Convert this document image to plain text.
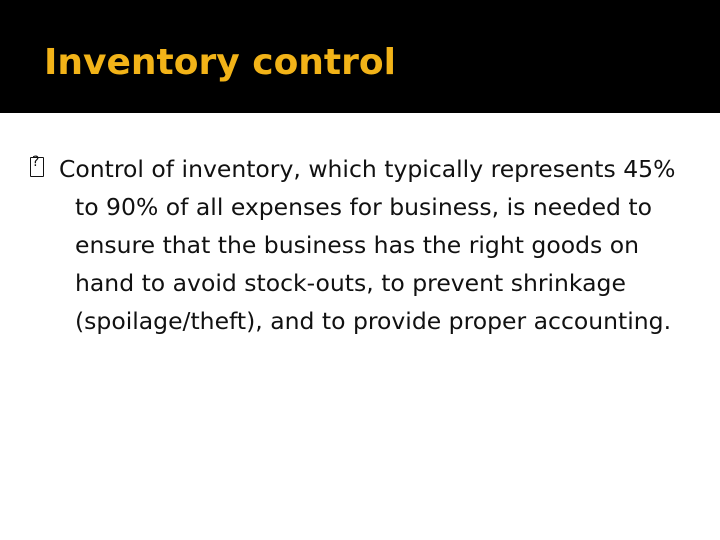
Inventory control
?
Control of inventory, which typically represents 45% to 90% of all expenses for business, is needed to ensure that the business has the right goods on hand to avoid stock-outs, to prevent shrinkage (spoilage/theft), and to provide proper accounting.
